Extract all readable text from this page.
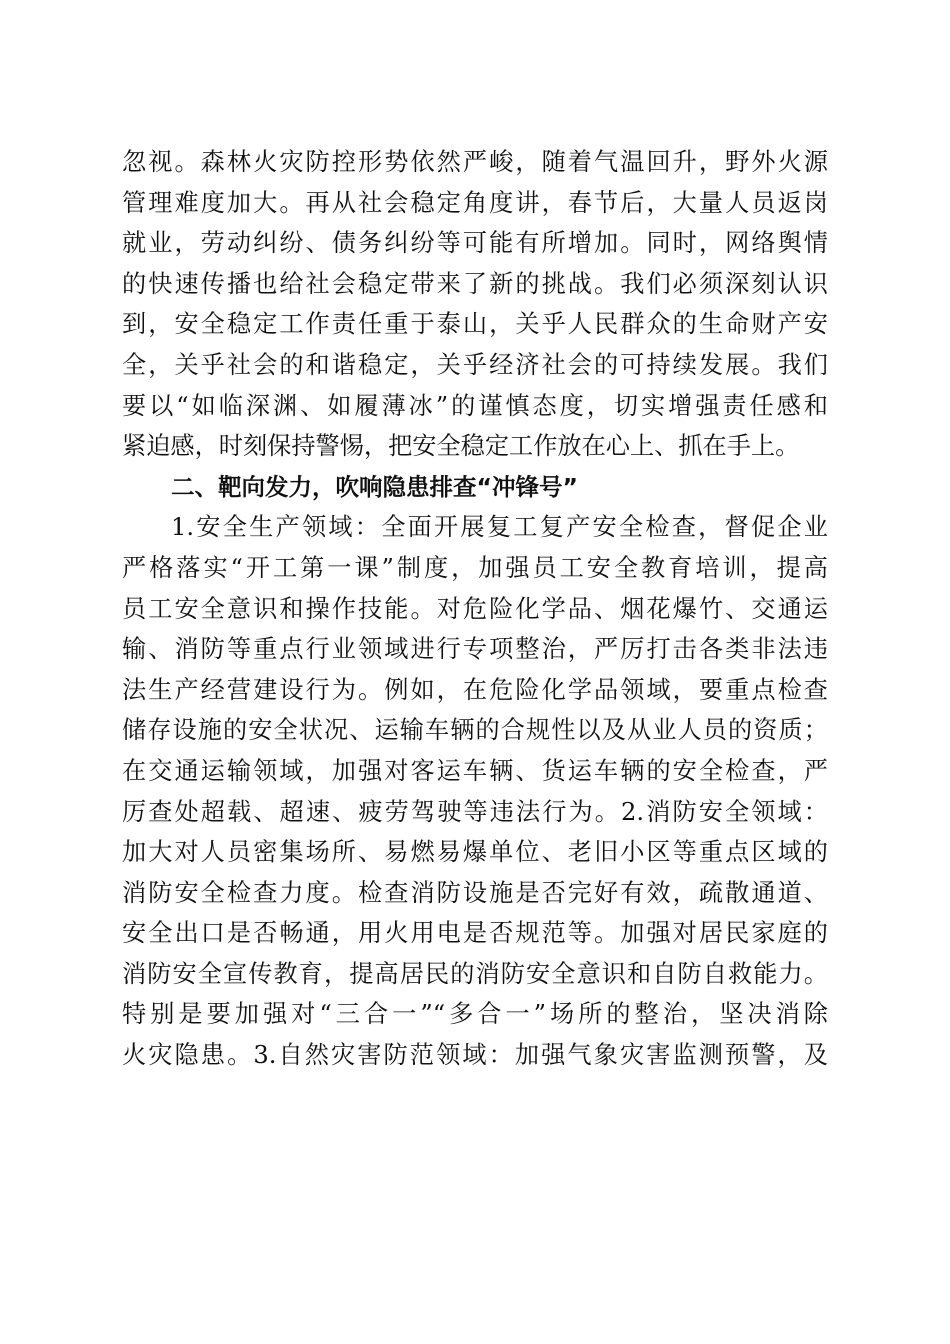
忽视。森林火灾防控形势依然严峻，随着气温回升，野外火源
管理难度加大。再从社会稳定角度讲，春节后，大量人员返岗
就业，劳动纠纷、债务纠纷等可能有所增加。同时，网络舆情
的快速传播也给社会稳定带来了新的挑战。我们必须深刻认识
到，安全稳定工作责任重于泰山，关乎人民群众的生命财产安
全，关乎社会的和谐稳定，关乎经济社会的可持续发展。我们
要以“如临深渊、如履薄冰”的谨慎态度，切实增强责任感和
紧迫感，时刻保持警惕，把安全稳定工作放在心上、抓在手上。
二、靶向发力，吹响隐患排查“冲锋号”
1.安全生产领域：全面开展复工复产安全检查，督促企业
严格落实“开工第一课”制度，加强员工安全教育培训，提高
员工安全意识和操作技能。对危险化学品、烟花爆竹、交通运
输、消防等重点行业领域进行专项整治，严厉打击各类非法违
法生产经营建设行为。例如，在危险化学品领域，要重点检查
储存设施的安全状况、运输车辆的合规性以及从业人员的资质；
在交通运输领域，加强对客运车辆、货运车辆的安全检查，严
厉查处超载、超速、疲劳驾驶等违法行为。2.消防安全领域：
加大对人员密集场所、易燃易爆单位、老旧小区等重点区域的
消防安全检查力度。检查消防设施是否完好有效，疏散通道、
安全出口是否畅通，用火用电是否规范等。加强对居民家庭的
消防安全宣传教育，提高居民的消防安全意识和自防自救能力。
特别是要加强对“三合一”“多合一”场所的整治，坚决消除
火灾隐患。3.自然灾害防范领域：加强气象灾害监测预警，及
